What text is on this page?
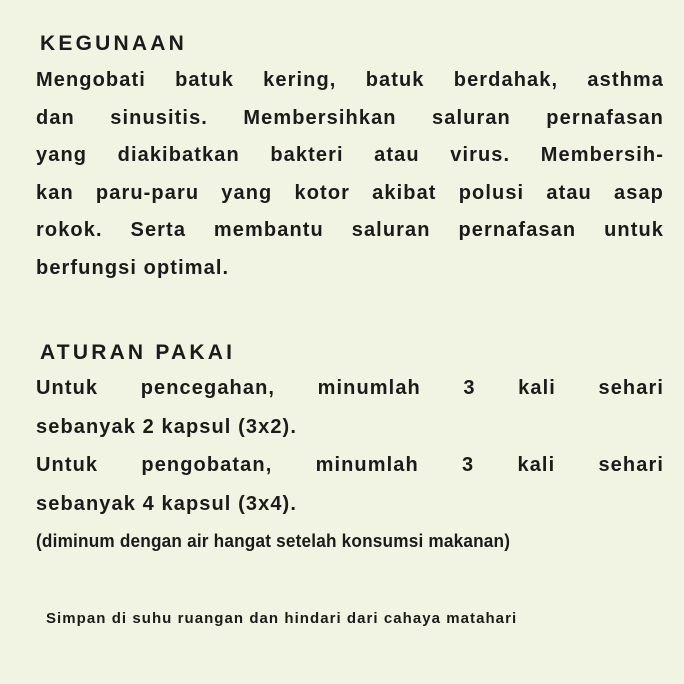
KEGUNAAN

Mengobati batuk kering, batuk berdahak, asthma
dan sinusitis. Membersihkan saluran pernafasan
yang diakibatkan bakteri atau virus. Membersih-
kan paru-paru yang kotor akibat polusi atau asap
rokok. Serta membantu saluran pernafasan untuk
berfungsi optimal.

ATURAN PAKAI

Untuk pencegahan, minumlah 3 kali sehari
sebanyak 2 kapsul (3x2).
Untuk pengobatan, minumlah 3 kali sehari
sebanyak 4 kapsul (3x4).

(diminum dengan air hangat setelah konsumsi makanan)

Simpan di suhu ruangan dan hindari dari cahaya matahari
